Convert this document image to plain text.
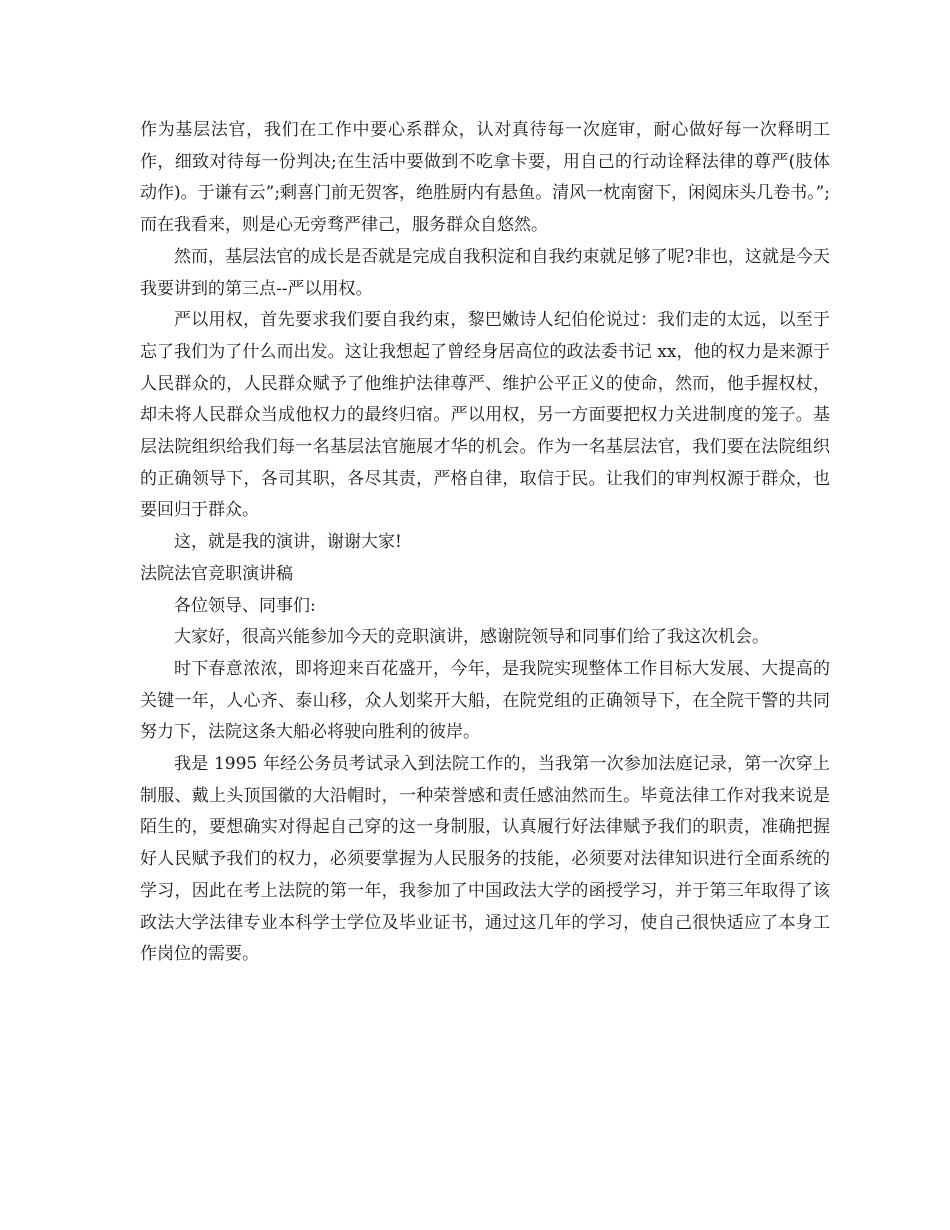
作为基层法官，我们在工作中要心系群众，认对真待每一次庭审，耐心做好每一次释明工作，细致对待每一份判决;在生活中要做到不吃拿卡要，用自己的行动诠释法律的尊严(肢体动作)。于谦有云”;剩喜门前无贺客，绝胜厨内有悬鱼。清风一枕南窗下，闲阅床头几卷书。”;而在我看来，则是心无旁骛严律己，服务群众自悠然。

然而，基层法官的成长是否就是完成自我积淀和自我约束就足够了呢?非也，这就是今天我要讲到的第三点--严以用权。

严以用权，首先要求我们要自我约束，黎巴嫩诗人纪伯伦说过：我们走的太远，以至于忘了我们为了什么而出发。这让我想起了曾经身居高位的政法委书记 xx，他的权力是来源于人民群众的，人民群众赋予了他维护法律尊严、维护公平正义的使命，然而，他手握权杖，却未将人民群众当成他权力的最终归宿。严以用权，另一方面要把权力关进制度的笼子。基层法院组织给我们每一名基层法官施展才华的机会。作为一名基层法官，我们要在法院组织的正确领导下，各司其职，各尽其责，严格自律，取信于民。让我们的审判权源于群众，也要回归于群众。

这，就是我的演讲，谢谢大家!

法院法官竞职演讲稿

各位领导、同事们:

大家好，很高兴能参加今天的竞职演讲，感谢院领导和同事们给了我这次机会。

时下春意浓浓，即将迎来百花盛开，今年，是我院实现整体工作目标大发展、大提高的关键一年，人心齐、泰山移，众人划桨开大船，在院党组的正确领导下，在全院干警的共同努力下，法院这条大船必将驶向胜利的彼岸。

我是 1995 年经公务员考试录入到法院工作的，当我第一次参加法庭记录，第一次穿上制服、戴上头顶国徽的大沿帽时，一种荣誉感和责任感油然而生。毕竟法律工作对我来说是陌生的，要想确实对得起自己穿的这一身制服，认真履行好法律赋予我们的职责，准确把握好人民赋予我们的权力，必须要掌握为人民服务的技能，必须要对法律知识进行全面系统的学习，因此在考上法院的第一年，我参加了中国政法大学的函授学习，并于第三年取得了该政法大学法律专业本科学士学位及毕业证书，通过这几年的学习，使自己很快适应了本身工作岗位的需要。
